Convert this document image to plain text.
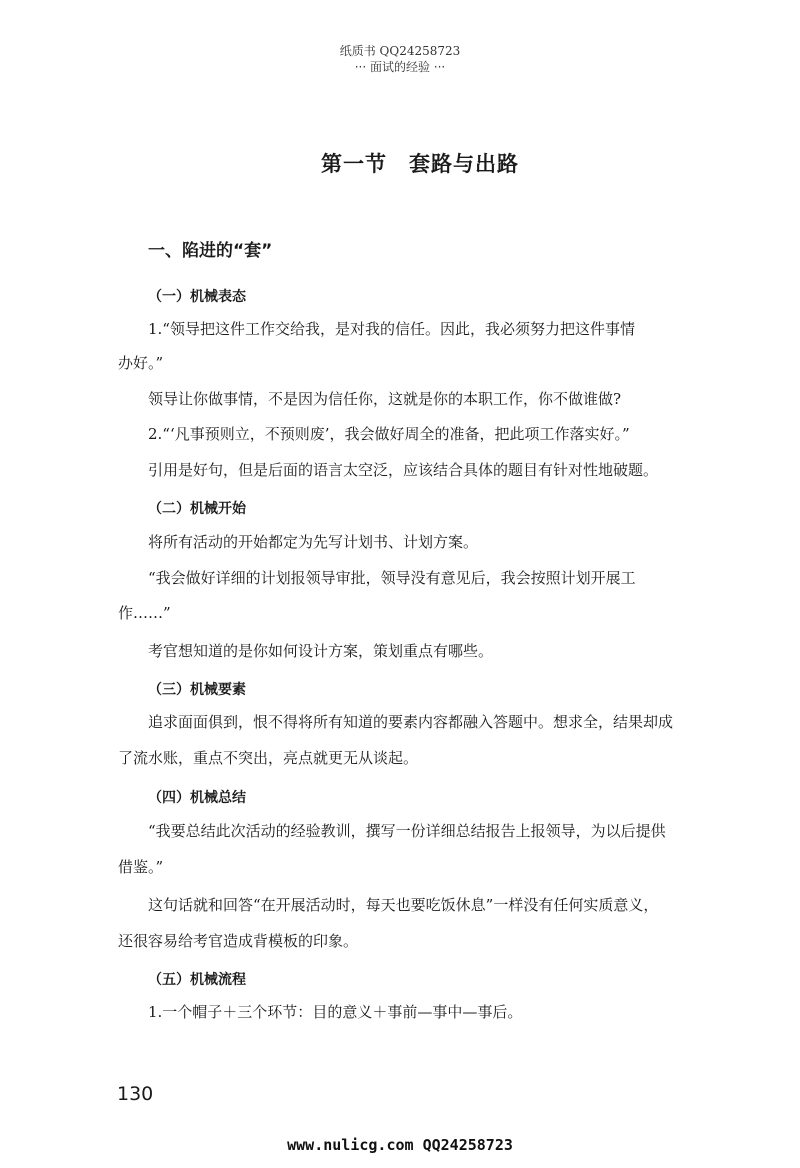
纸质书 QQ24258723
··· 面试的经验 ···
第一节　套路与出路
一、陷进的“套”
（一）机械表态
1.“领导把这件工作交给我，是对我的信任。因此，我必须努力把这件事情
办好。”
领导让你做事情，不是因为信任你，这就是你的本职工作，你不做谁做?
2.“‘凡事预则立，不预则废’，我会做好周全的准备，把此项工作落实好。”
引用是好句，但是后面的语言太空泛，应该结合具体的题目有针对性地破题。
（二）机械开始
将所有活动的开始都定为先写计划书、计划方案。
“我会做好详细的计划报领导审批，领导没有意见后，我会按照计划开展工
作……”
考官想知道的是你如何设计方案，策划重点有哪些。
（三）机械要素
追求面面俱到，恨不得将所有知道的要素内容都融入答题中。想求全，结果却成
了流水账，重点不突出，亮点就更无从谈起。
（四）机械总结
“我要总结此次活动的经验教训，撰写一份详细总结报告上报领导，为以后提供
借鉴。”
这句话就和回答“在开展活动时，每天也要吃饭休息”一样没有任何实质意义，
还很容易给考官造成背模板的印象。
（五）机械流程
1.一个帽子＋三个环节：目的意义＋事前—事中—事后。
130
www.nulicg.com QQ24258723
